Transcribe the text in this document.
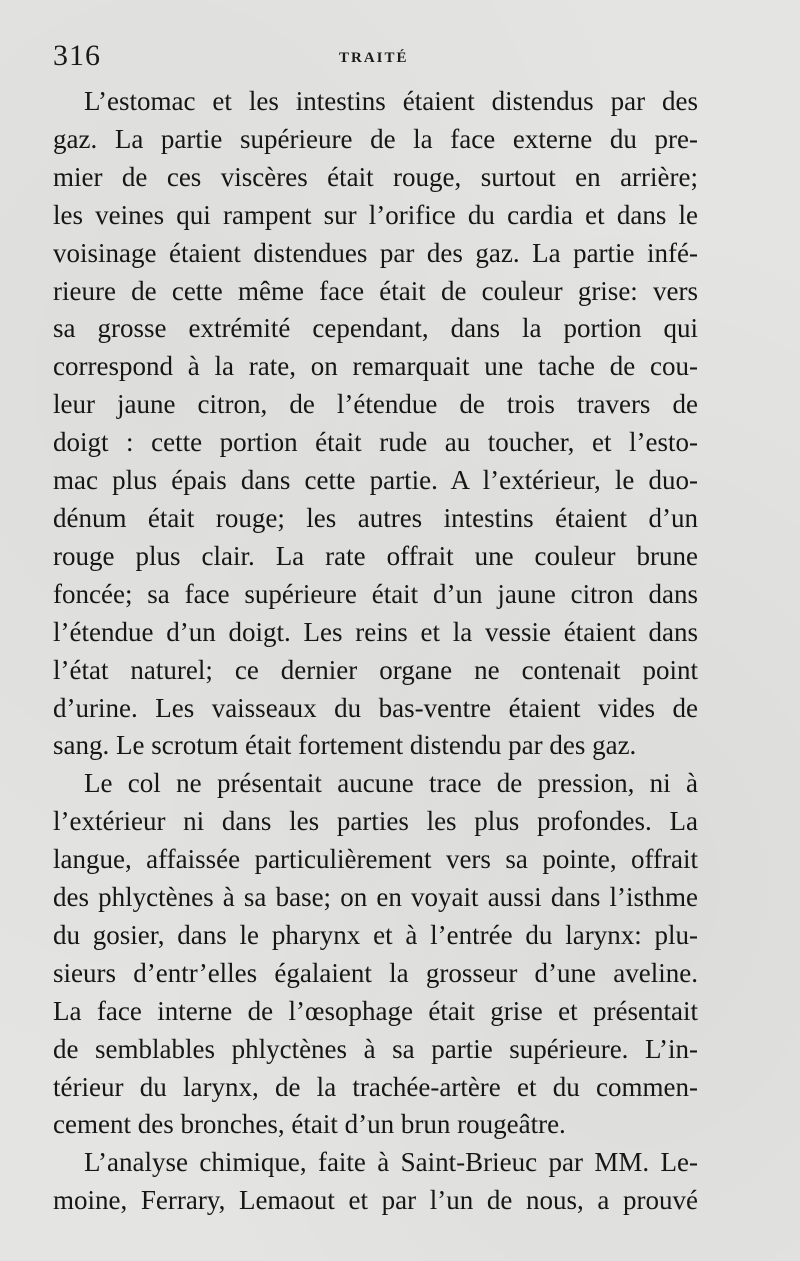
316	TRAITÉ
L’estomac et les intestins étaient distendus par des
gaz. La partie supérieure de la face externe du pre-
mier de ces viscères était rouge, surtout en arrière;
les veines qui rampent sur l’orifice du cardia et dans le
voisinage étaient distendues par des gaz. La partie infé-
rieure de cette même face était de couleur grise: vers
sa grosse extrémité cependant, dans la portion qui
correspond à la rate, on remarquait une tache de cou-
leur jaune citron, de l’étendue de trois travers de
doigt : cette portion était rude au toucher, et l’esto-
mac plus épais dans cette partie. A l’extérieur, le duo-
dénum était rouge; les autres intestins étaient d’un
rouge plus clair. La rate offrait une couleur brune
foncée; sa face supérieure était d’un jaune citron dans
l’étendue d’un doigt. Les reins et la vessie étaient dans
l’état naturel; ce dernier organe ne contenait point
d’urine. Les vaisseaux du bas-ventre étaient vides de
sang. Le scrotum était fortement distendu par des gaz.
Le col ne présentait aucune trace de pression, ni à
l’extérieur ni dans les parties les plus profondes. La
langue, affaissée particulièrement vers sa pointe, offrait
des phlyctènes à sa base; on en voyait aussi dans l’isthme
du gosier, dans le pharynx et à l’entrée du larynx: plu-
sieurs d’entr’elles égalaient la grosseur d’une aveline.
La face interne de l’œsophage était grise et présentait
de semblables phlyctènes à sa partie supérieure. L’in-
térieur du larynx, de la trachée-artère et du commen-
cement des bronches, était d’un brun rougeâtre.
L’analyse chimique, faite à Saint-Brieuc par MM. Le-
moine, Ferrary, Lemaout et par l’un de nous, a prouvé
